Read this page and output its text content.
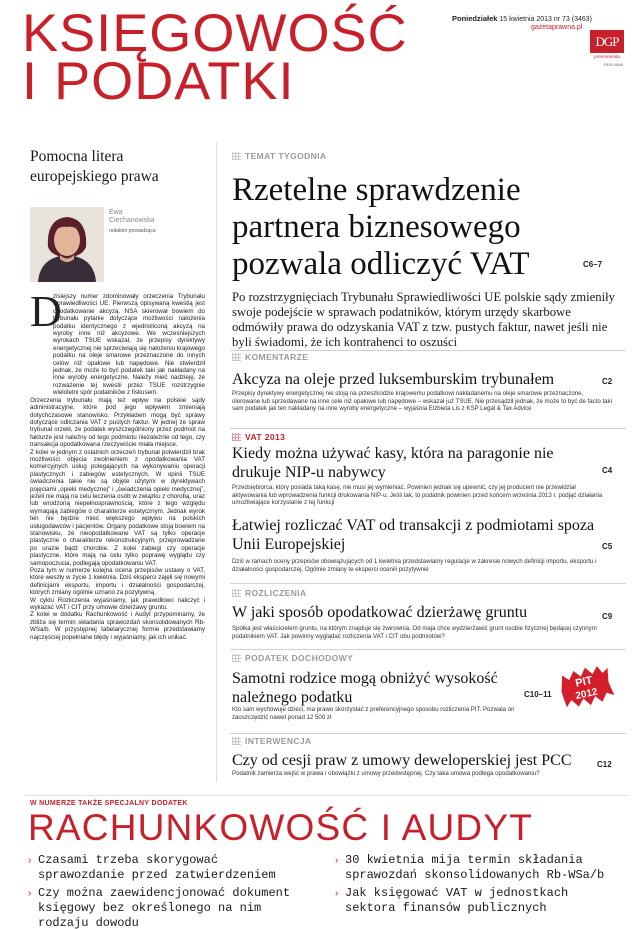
KSIĘGOWOŚĆ
I PODATKI
Poniedziałek 15 kwietnia 2013 nr 73 (3463)
gazetaprawna.pl
DGP
prenumerata
REKLAMA
Pomocna litera europejskiego prawa
Ewa
Ciechanowska
redaktor prowadząca
D

zisiejszy numer zdominowały orzeczenia Trybunału Sprawiedliwości UE. Pierwszą opisywaną kwestią jest opodatkowanie akcyzą. NSA skierował bowiem do trybunału pytanie dotyczące możliwości nałożenia podatku identycznego z wjednoliconą akcyzą na wyroby inne niż akcyzowe. We wcześniejszych wyrokach TSUE wskazał, że przepisy dyrektywy energetycznej nie sprzeciwiają się nałożeniu krajowego podatku na oleje smarowe przeznaczone do innych celów niż opałowe lub napędowe. Nie stwierdził jednak, że może to być podatek taki jak nakładany na inne wyroby energetyczne. Należy mieć nadzieję, że rozważenie tej kwestii przez TSUE rozstrzygnie wieloletni spór podatników z fiskusem.

Orzeczenia trybunału mają też wpływ na polskie sądy administracyjne, które pod jego wpływem zmieniają dotychczasowe stanowisko. Przykładem mogą być sprawy dotyczące odliczania VAT z pustych faktur. W jednej ze spraw trybunał orzekł, że podatek wyszczególniony przez podmiot na fakturze jest należny od tego podmiotu niezależnie od tego, czy transakcja opodatkowana rzeczywiście miała miejsce.

Z kolei w jednym z ostatnich orzeczeń trybunał potwierdził brak możliwości objęcia zwolnieniem z opodatkowania VAT komercyjnych usług polegających na wykonywaniu operacji plastycznych i zabiegów estetycznych. W opinii TSUE świadczenia takie nie są objęte użytymi w dyrektywach pojęciami „opieki medycznej” i „świadczenia opieki medycznej”, jeżeli nie mają na celu leczenia osób w związku z chorobą, uraz lub wrodzoną niepełnosprawnością, które z tego względu wymagają zabiegów o charakterze estetycznym. Jednak wyrok ten nie będzie mieć większego wpływu na polskich usługodawców i pacjentów. Organy podatkowe stoją bowiem na stanowisku, że nieopodatkowane VAT są tylko operacje plastyczne o charakterze rekonstrukcyjnym, przeprowadzane po urazie bądź chorobie. Z kolei zabiegi czy operacje plastyczne, które mają na celu tylko poprawę wyglądu czy samopoczucia, podlegają opodatkowaniu VAT.

Poza tym w numerze kolejna ocena przepisów ustawy o VAT, które weszły w życie 1 kwietnia. Dziś eksperci zajęli się nowymi definicjami eksportu, importu i działalności gospodarczej, których zmiany ogólnie uznano za pozytywną.

W cyklu Rozliczenia wyjaśniamy, jak prawidłowo naliczyć i wykazać VAT i CIT przy umowie dzierżawy gruntu.

Z kolei w dodatku Rachunkowość i Audyt przypominamy, że zbliża się termin składania sprawozdań skonsolidowanych Rb-WSa/b. W przystępnej tabelarycznej formie przedstawiamy najczęściej popełniane błędy i wyjaśniamy, jak ich unikać.

TEMAT TYGODNIA
Rzetelne sprawdzenie partnera biznesowego pozwala odliczyć VAT	C6–7
Po rozstrzygnięciach Trybunału Sprawiedliwości UE polskie sądy zmieniły swoje podejście w sprawach podatników, którym urzędy skarbowe odmówiły prawa do odzyskania VAT z tzw. pustych faktur, nawet jeśli nie byli świadomi, że ich kontrahenci to oszuści
KOMENTARZE
Akcyza na oleje przed luksemburskim trybunałem	C2
Przepisy dyrektywy energetycznej nie stoją na przeszkodzie krajowemu podatkowi nakładanemu na oleje smarowe przeznaczone, olerowane lub sprzedawane na inne cele niż opałowe lub napędowe – wskazał już TSUE. Nie przesądził jednak, że może to być de facto taki sam podatek jak ten nakładany na inne wyroby energetyczne – wyjaśnia Elżbieta Lis z KSP Legal & Tax Advice
VAT 2013
Kiedy można używać kasy, która na paragonie nie drukuje NIP-u nabywcy	C4
Przedsiębiorca, który posiada taką kasę, nie musi jej wymieniać. Powinien jednak się upewnić, czy jej producent nie przewidział aktywowania lub wprowadzenia funkcji drukowania NIP-u. Jeśli tak, to podatnik powinien przed końcem września 2013 r. podjąć działania umożliwiające korzystanie z tej funkcji
Łatwiej rozliczać VAT od transakcji z podmiotami spoza Unii Europejskiej	C5
Dziś w ramach oceny przepisów obowiązujących od 1 kwietnia przedstawiamy regulacje w zakresie nowych definicji importu, eksportu i działalności gospodarczej. Ogólnie zmiany te eksperci ocenili pozytywnie
ROZLICZENIA
W jaki sposób opodatkować dzierżawę gruntu	C9
Spółka jest właścicielem gruntu, na którym znajduje się żwirownia. Od maja chce wydzierżawić grunt osobie fizycznej będącej czynnym podatnikiem VAT. Jak powinny wyglądać rozliczenia VAT i CIT obu podmiotów?
PODATEK DOCHODOWY
Samotni rodzice mogą obniżyć wysokość należnego podatku	C10–11
Kto sam wychowuje dzieci, ma prawo skorzystać z preferencyjnego sposobu rozliczenia PIT. Pozwala on zaoszczędzić nawet ponad 12 500 zł
PIT
2012
INTERWENCJA
Czy od cesji praw z umowy deweloperskiej jest PCC	C12
Podatnik zamierza wejść w prawa i obowiązki z umowy przedwstępnej. Czy taka umowa podlega opodatkowaniu?
W NUMERZE TAKŻE SPECJALNY DODATEK
RACHUNKOWOŚĆ I AUDYT
› Czasami trzeba skorygować sprawozdanie przed zatwierdzeniem
› 30 kwietnia mija termin składania sprawozdań skonsolidowanych Rb-WSa/b
› Czy można zaewidencjonować dokument księgowy bez określonego na nim rodzaju dowodu
› Jak księgować VAT w jednostkach sektora finansów publicznych
